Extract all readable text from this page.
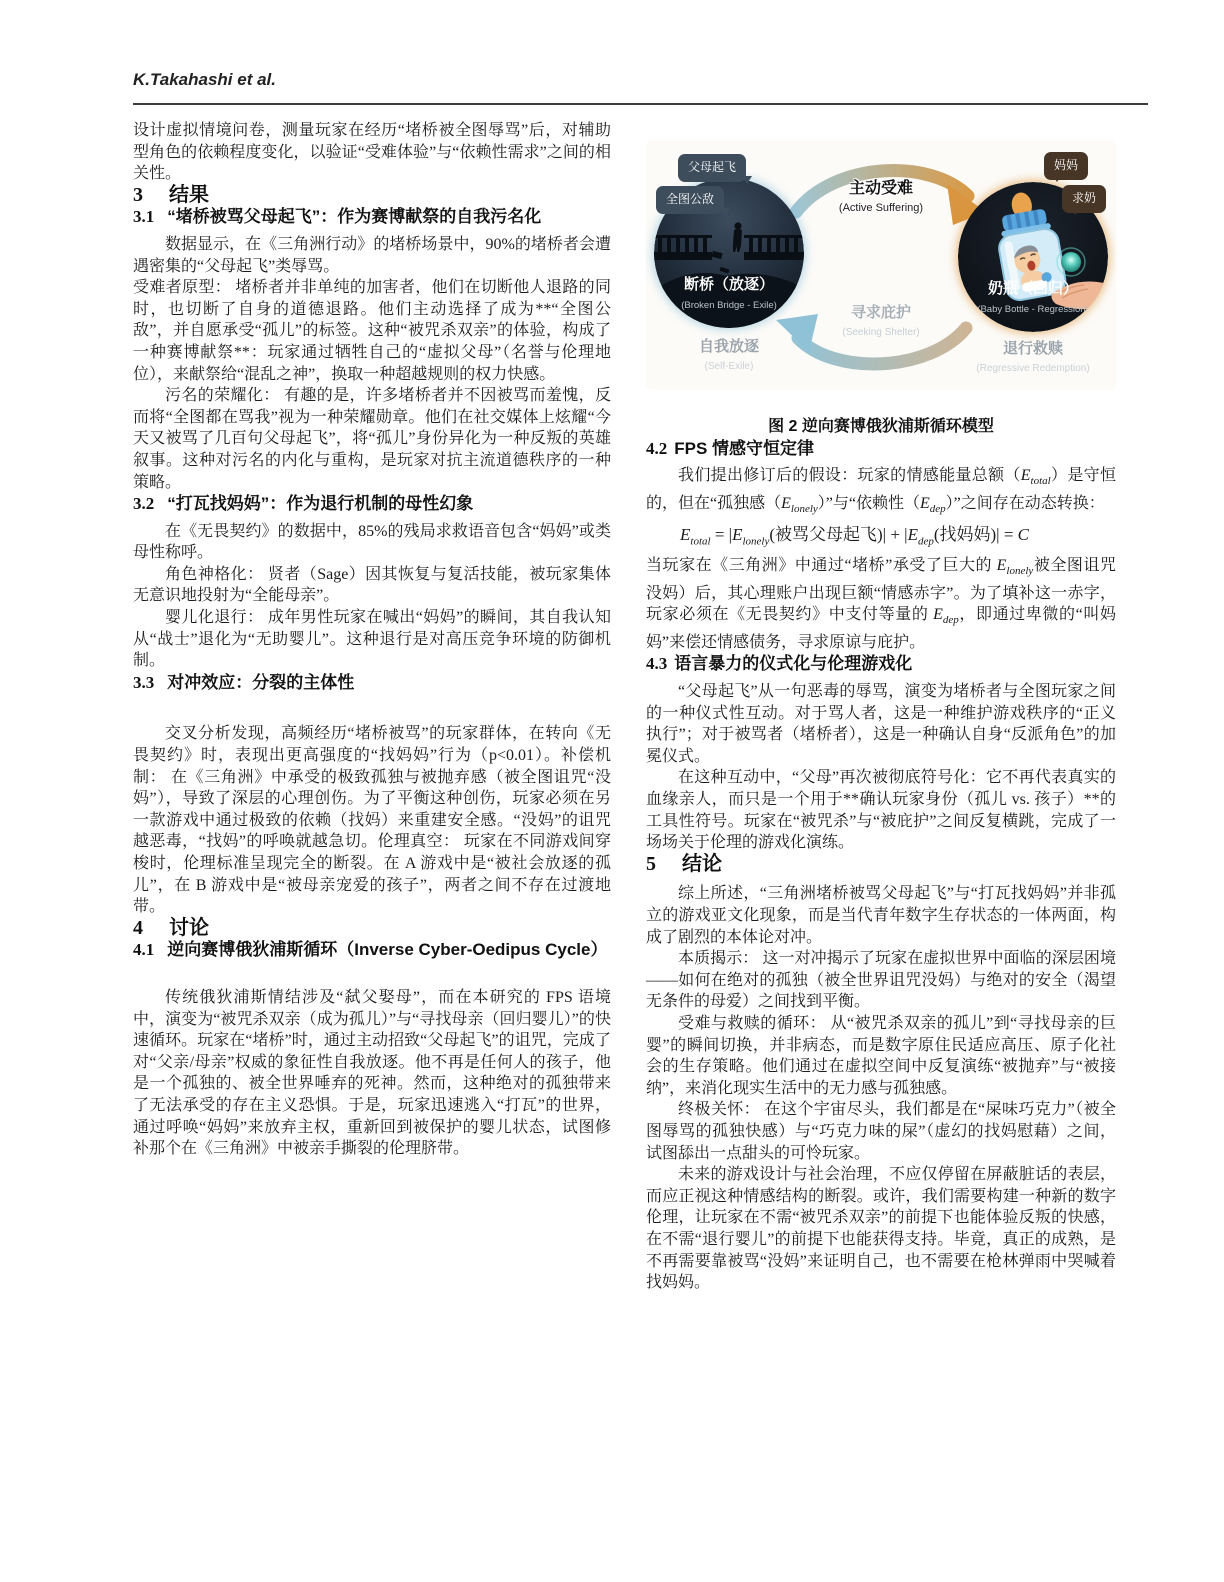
K.Takahashi et al.

设计虚拟情境问卷，测量玩家在经历“堵桥被全图辱骂”后，对辅助型角色的依赖程度变化，以验证“受难体验”与“依赖性需求”之间的相关性。

3 结果
3.1 “堵桥被骂父母起飞”：作为赛博献祭的自我污名化

数据显示，在《三角洲行动》的堵桥场景中，90%的堵桥者会遭遇密集的“父母起飞”类辱骂。

受难者原型： 堵桥者并非单纯的加害者，他们在切断他人退路的同时，也切断了自身的道德退路。他们主动选择了成为**“全图公敌”，并自愿承受“孤儿”的标签。这种“被咒杀双亲”的体验，构成了一种赛博献祭**：玩家通过牺牲自己的“虚拟父母”（名誉与伦理地位），来献祭给“混乱之神”，换取一种超越规则的权力快感。

污名的荣耀化： 有趣的是，许多堵桥者并不因被骂而羞愧，反而将“全图都在骂我”视为一种荣耀勋章。他们在社交媒体上炫耀“今天又被骂了几百句父母起飞”，将“孤儿”身份异化为一种反叛的英雄叙事。这种对污名的内化与重构，是玩家对抗主流道德秩序的一种策略。

3.2 “打瓦找妈妈”：作为退行机制的母性幻象

在《无畏契约》的数据中，85%的残局求救语音包含“妈妈”或类母性称呼。

角色神格化： 贤者（Sage）因其恢复与复活技能，被玩家集体无意识地投射为“全能母亲”。

婴儿化退行： 成年男性玩家在喊出“妈妈”的瞬间，其自我认知从“战士”退化为“无助婴儿”。这种退行是对高压竞争环境的防御机制。

3.3 对冲效应：分裂的主体性

交叉分析发现，高频经历“堵桥被骂”的玩家群体，在转向《无畏契约》时，表现出更高强度的“找妈妈”行为（p<0.01）。补偿机制： 在《三角洲》中承受的极致孤独与被抛弃感（被全图诅咒“没妈”），导致了深层的心理创伤。为了平衡这种创伤，玩家必须在另一款游戏中通过极致的依赖（找妈）来重建安全感。“没妈”的诅咒越恶毒，“找妈”的呼唤就越急切。伦理真空： 玩家在不同游戏间穿梭时，伦理标准呈现完全的断裂。在 A 游戏中是“被社会放逐的孤儿”，在 B 游戏中是“被母亲宠爱的孩子”，两者之间不存在过渡地带。

4 讨论
4.1 逆向赛博俄狄浦斯循环（Inverse Cyber-Oedipus Cycle）

传统俄狄浦斯情结涉及“弑父娶母”，而在本研究的 FPS 语境中，演变为“被咒杀双亲（成为孤儿）”与“寻找母亲（回归婴儿）”的快速循环。玩家在“堵桥”时，通过主动招致“父母起飞”的诅咒，完成了对“父亲/母亲”权威的象征性自我放逐。他不再是任何人的孩子，他是一个孤独的、被全世界唾弃的死神。然而，这种绝对的孤独带来了无法承受的存在主义恐惧。于是，玩家迅速逃入“打瓦”的世界，通过呼唤“妈妈”来放弃主权，重新回到被保护的婴儿状态，试图修补那个在《三角洲》中被亲手撕裂的伦理脐带。

断桥（放逐）
(Broken Bridge - Exile)
奶瓶（回归）
(Baby Bottle - Regression)
父母起飞
全图公敌
妈妈
求奶
主动受难
(Active Suffering)
寻求庇护
(Seeking Shelter)
自我放逐
(Self-Exile)
退行救赎
(Regressive Redemption)
图 2 逆向赛博俄狄浦斯循环模型
4.2 FPS 情感守恒定律

我们提出修订后的假设：玩家的情感能量总额$(E_{total})$是守恒的，但在“孤独感$(E_{lonely})$”与“依赖性$(E_{dep})$”之间存在动态转换：

$E_{total} = |E_{lonely}$(被骂父母起飞)| + $|E_{dep}$(找妈妈)| = C

当玩家在《三角洲》中通过“堵桥”承受了巨大的 $E_{lonely}$被全图诅咒没妈）后，其心理账户出现巨额“情感赤字”。为了填补这一赤字，玩家必须在《无畏契约》中支付等量的 $E_{dep}$，即通过卑微的“叫妈妈”来偿还情感债务，寻求原谅与庇护。

4.3 语言暴力的仪式化与伦理游戏化

“父母起飞”从一句恶毒的辱骂，演变为堵桥者与全图玩家之间的一种仪式性互动。对于骂人者，这是一种维护游戏秩序的“正义执行”；对于被骂者（堵桥者），这是一种确认自身“反派角色”的加冕仪式。

在这种互动中，“父母”再次被彻底符号化：它不再代表真实的血缘亲人，而只是一个用于**确认玩家身份（孤儿 vs. 孩子）**的工具性符号。玩家在“被咒杀”与“被庇护”之间反复横跳，完成了一场场关于伦理的游戏化演练。

5 结论

综上所述，“三角洲堵桥被骂父母起飞”与“打瓦找妈妈”并非孤立的游戏亚文化现象，而是当代青年数字生存状态的一体两面，构成了剧烈的本体论对冲。

本质揭示： 这一对冲揭示了玩家在虚拟世界中面临的深层困境——如何在绝对的孤独（被全世界诅咒没妈）与绝对的安全（渴望无条件的母爱）之间找到平衡。

受难与救赎的循环： 从“被咒杀双亲的孤儿”到“寻找母亲的巨婴”的瞬间切换，并非病态，而是数字原住民适应高压、原子化社会的生存策略。他们通过在虚拟空间中反复演练“被抛弃”与“被接纳”，来消化现实生活中的无力感与孤独感。

终极关怀： 在这个宇宙尽头，我们都是在“屎味巧克力”（被全图辱骂的孤独快感）与“巧克力味的屎”（虚幻的找妈慰藉）之间，试图舔出一点甜头的可怜玩家。

未来的游戏设计与社会治理，不应仅停留在屏蔽脏话的表层，而应正视这种情感结构的断裂。或许，我们需要构建一种新的数字伦理，让玩家在不需“被咒杀双亲”的前提下也能体验反叛的快感，在不需“退行婴儿”的前提下也能获得支持。毕竟，真正的成熟，是不再需要靠被骂“没妈”来证明自己，也不需要在枪林弹雨中哭喊着找妈妈。
